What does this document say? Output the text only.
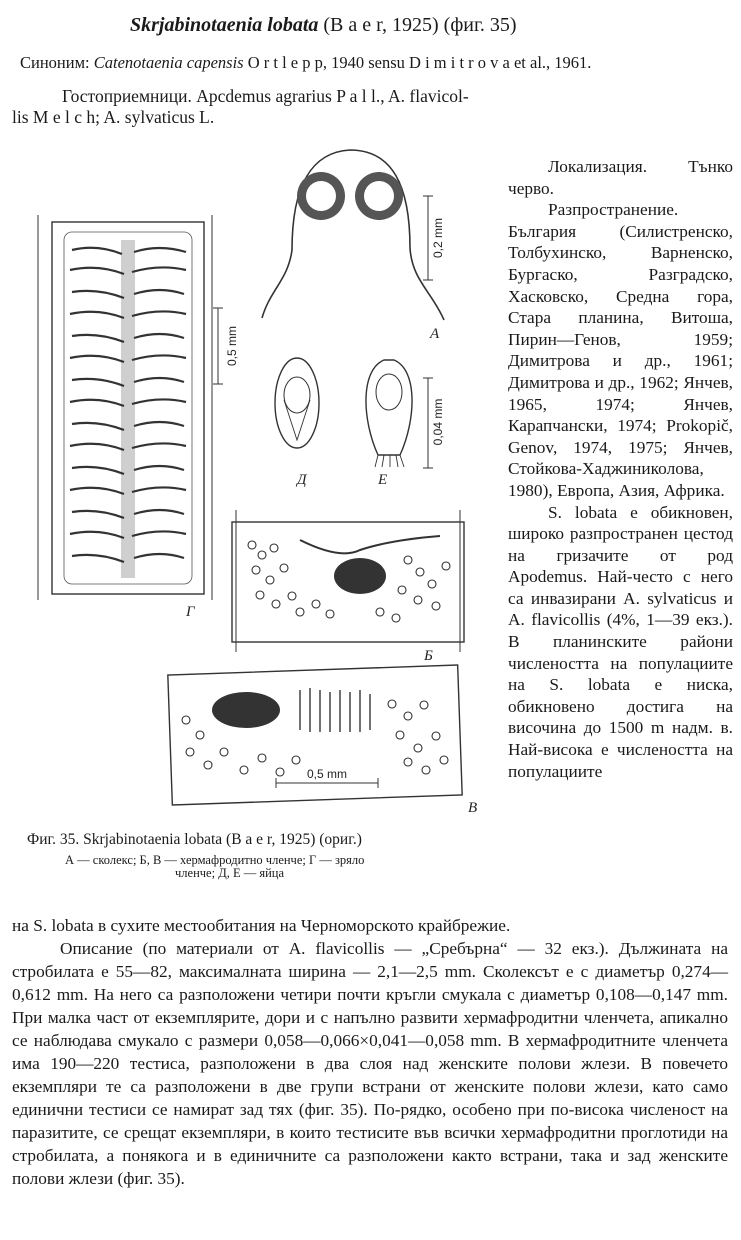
Skrjabinotaenia lobata (B a e r, 1925) (фиг. 35)
Синоним: Catenotaenia capensis O r t l e p p, 1940 sensu D i m i t r o v a et al., 1961.
Гостоприемници. Apcdemus agrarius P a l l., A. flavicol-
lis M e l c h; A. sylvaticus L.
0,5 mm
Г
0,2 mm
А
0,04 mm
Д	Е
Б
0,5 mm
В
Фиг. 35. Skrjabinotaenia lobata (B a e r, 1925) (ориг.)
А — сколекс; Б, В — хермафродитно членче; Г — зряло
членче; Д, Е — яйца

Локализация. Тънко черво.

Разпространение. България (Силистренско, Толбухинско, Варненско, Бургаско, Разградско, Хасковско, Средна гора, Стара планина, Витоша, Пирин—Генов, 1959; Димитрова и др., 1961; Димитрова и др., 1962; Янчев, 1965, 1974; Янчев, Карапчански, 1974; Prokopič, Genov, 1974, 1975; Янчев, Стойкова-Хаджиниколова, 1980), Европа, Азия, Африка.

S. lobata е обикновен, широко разпространен цестод на гризачите от род Apodemus. Най-често с него са инвазирани A. sylvaticus и A. flavicollis (4%, 1—39 екз.). В планинските райони числеността на популациите на S. lobata е ниска, обикновено достига на височина до 1500 m надм. в. Най-висока е числеността на популациите

на S. lobata в сухите местообитания на Черноморското крайбрежие.

Описание (по материали от A. flavicollis — „Сребърна“ — 32 екз.). Дължината на стробилата е 55—82, максималната ширина — 2,1—2,5 mm. Сколексът е с диаметър 0,274—0,612 mm. На него са разположени четири почти кръгли смукала с диаметър 0,108—0,147 mm. При малка част от екземплярите, дори и с напълно развити хермафродитни членчета, апикално се наблюдава смукало с размери 0,058—0,066×0,041—0,058 mm. В хермафродитните членчета има 190—220 тестиса, разположени в два слоя над женските полови жлези. В повечето екземпляри те са разположени в две групи встрани от женските полови жлези, като само единични тестиси се намират зад тях (фиг. 35). По-рядко, особено при по-висока численост на паразитите, се срещат екземпляри, в които тестисите във всички хермафродитни проглотиди на стробилата, а понякога и в единичните са разположени както встрани, така и зад женските полови жлези (фиг. 35).
